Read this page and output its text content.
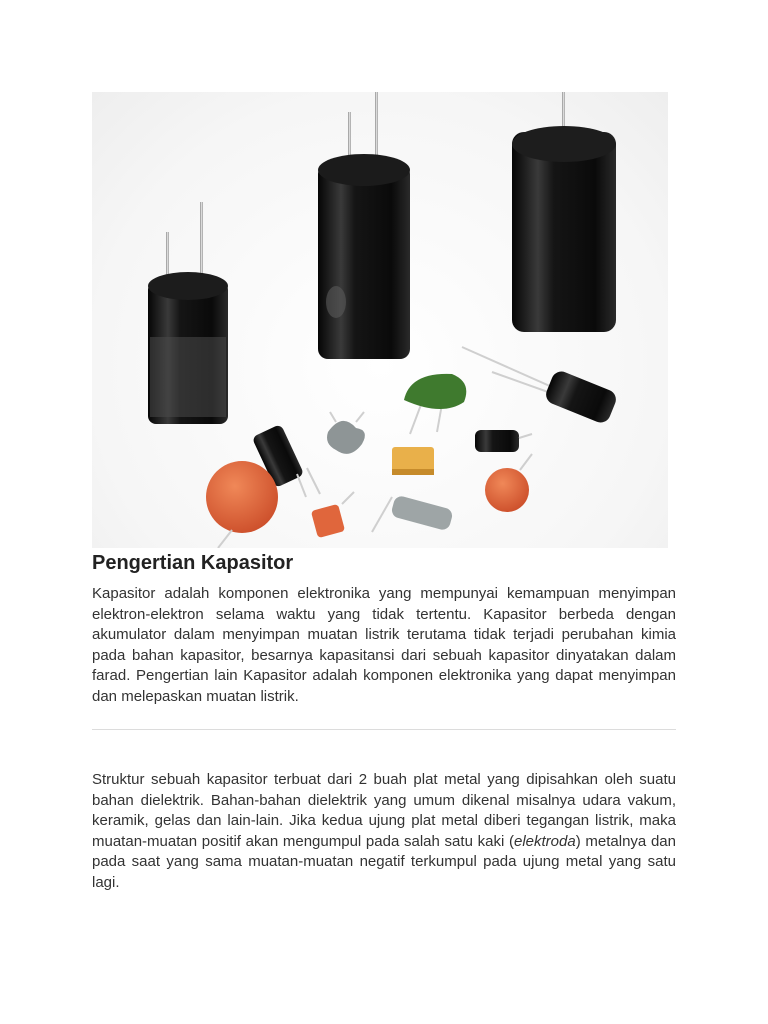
Pengertian Kapasitor

Kapasitor adalah komponen elektronika yang mempunyai kemampuan menyimpan elektron-elektron selama waktu yang tidak tertentu. Kapasitor berbeda dengan akumulator dalam menyimpan muatan listrik terutama tidak terjadi perubahan kimia pada bahan kapasitor, besarnya kapasitansi dari sebuah kapasitor dinyatakan dalam farad. Pengertian lain Kapasitor adalah komponen elektronika yang dapat menyimpan dan melepaskan muatan listrik.

Struktur sebuah kapasitor terbuat dari 2 buah plat metal yang dipisahkan oleh suatu bahan dielektrik. Bahan-bahan dielektrik yang umum dikenal misalnya udara vakum, keramik, gelas dan lain-lain. Jika kedua ujung plat metal diberi tegangan listrik, maka muatan-muatan positif akan mengumpul pada salah satu kaki (elektroda) metalnya dan pada saat yang sama muatan-muatan negatif terkumpul pada ujung metal yang satu lagi.
